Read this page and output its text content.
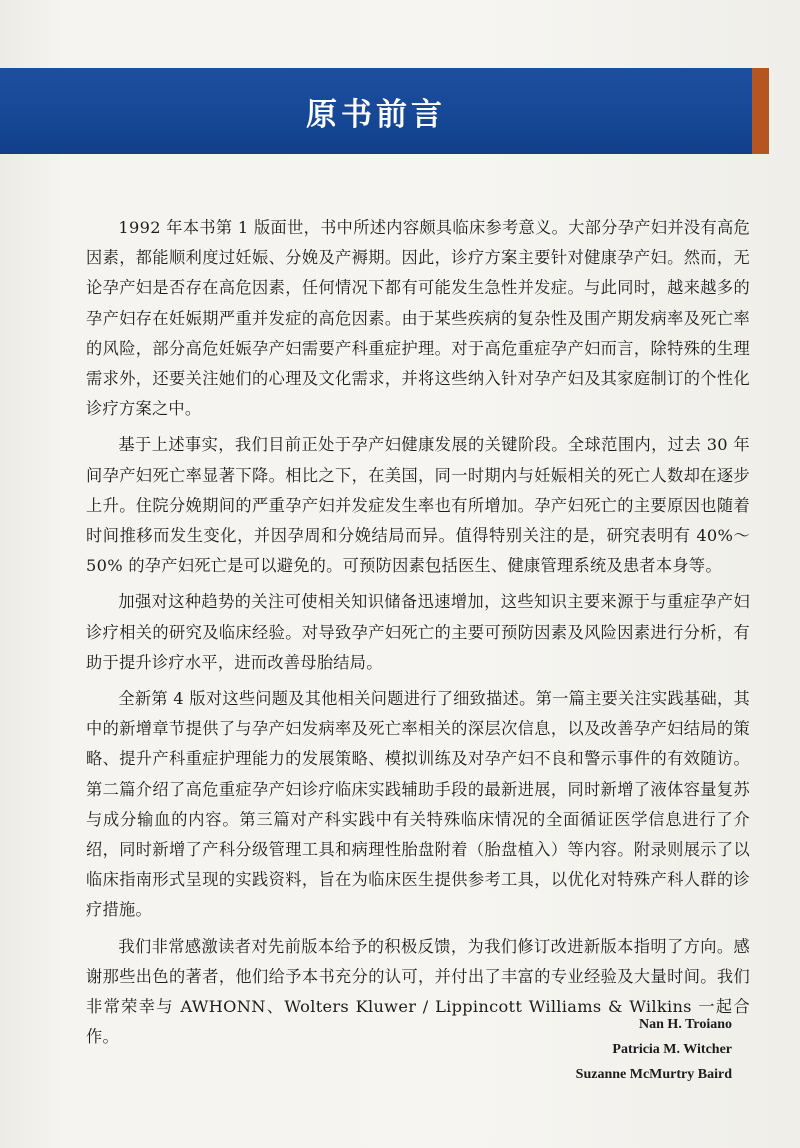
原书前言

1992 年本书第 1 版面世，书中所述内容颇具临床参考意义。大部分孕产妇并没有高危因素，都能顺利度过妊娠、分娩及产褥期。因此，诊疗方案主要针对健康孕产妇。然而，无论孕产妇是否存在高危因素，任何情况下都有可能发生急性并发症。与此同时，越来越多的孕产妇存在妊娠期严重并发症的高危因素。由于某些疾病的复杂性及围产期发病率及死亡率的风险，部分高危妊娠孕产妇需要产科重症护理。对于高危重症孕产妇而言，除特殊的生理需求外，还要关注她们的心理及文化需求，并将这些纳入针对孕产妇及其家庭制订的个性化诊疗方案之中。

基于上述事实，我们目前正处于孕产妇健康发展的关键阶段。全球范围内，过去 30 年间孕产妇死亡率显著下降。相比之下，在美国，同一时期内与妊娠相关的死亡人数却在逐步上升。住院分娩期间的严重孕产妇并发症发生率也有所增加。孕产妇死亡的主要原因也随着时间推移而发生变化，并因孕周和分娩结局而异。值得特别关注的是，研究表明有 40%～50% 的孕产妇死亡是可以避免的。可预防因素包括医生、健康管理系统及患者本身等。

加强对这种趋势的关注可使相关知识储备迅速增加，这些知识主要来源于与重症孕产妇诊疗相关的研究及临床经验。对导致孕产妇死亡的主要可预防因素及风险因素进行分析，有助于提升诊疗水平，进而改善母胎结局。

全新第 4 版对这些问题及其他相关问题进行了细致描述。第一篇主要关注实践基础，其中的新增章节提供了与孕产妇发病率及死亡率相关的深层次信息，以及改善孕产妇结局的策略、提升产科重症护理能力的发展策略、模拟训练及对孕产妇不良和警示事件的有效随访。第二篇介绍了高危重症孕产妇诊疗临床实践辅助手段的最新进展，同时新增了液体容量复苏与成分输血的内容。第三篇对产科实践中有关特殊临床情况的全面循证医学信息进行了介绍，同时新增了产科分级管理工具和病理性胎盘附着（胎盘植入）等内容。附录则展示了以临床指南形式呈现的实践资料，旨在为临床医生提供参考工具，以优化对特殊产科人群的诊疗措施。

我们非常感激读者对先前版本给予的积极反馈，为我们修订改进新版本指明了方向。感谢那些出色的著者，他们给予本书充分的认可，并付出了丰富的专业经验及大量时间。我们非常荣幸与 AWHONN、Wolters Kluwer / Lippincott Williams & Wilkins 一起合作。

Nan H. Troiano
Patricia M. Witcher
Suzanne McMurtry Baird
